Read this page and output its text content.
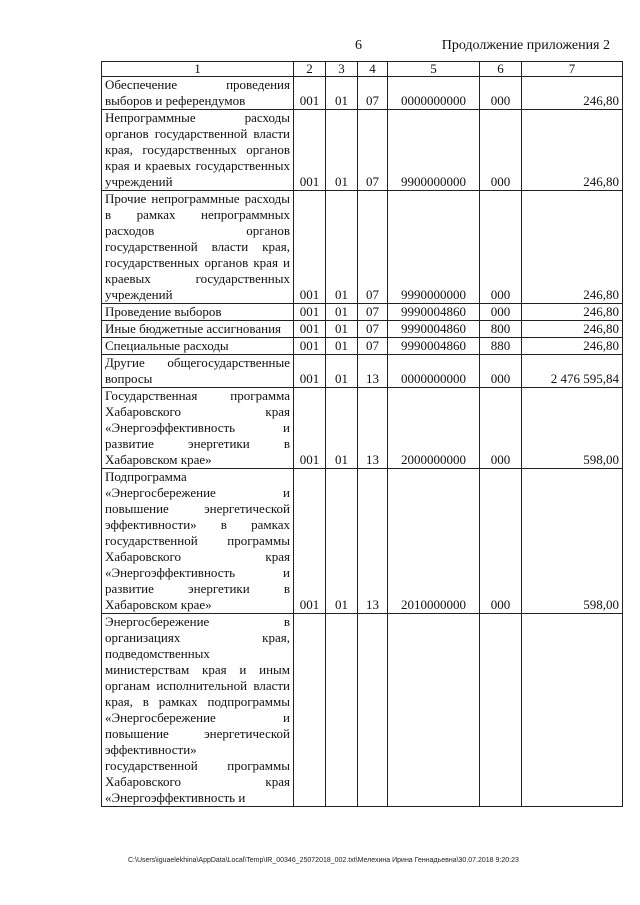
6	Продолжение приложения 2
1	2	3	4	5	6	7
Обеспечение проведения выборов и референдумов	001	01	07	0000000000	000	246,80
Непрограммные расходы органов государственной власти края, государственных органов края и краевых государственных учреждений	001	01	07	9900000000	000	246,80
Прочие непрограммные расходы в рамках непрограммных расходов органов государственной власти края, государственных органов края и краевых государственных учреждений	001	01	07	9990000000	000	246,80
Проведение выборов	001	01	07	9990004860	000	246,80
Иные бюджетные ассигнования	001	01	07	9990004860	800	246,80
Специальные расходы	001	01	07	9990004860	880	246,80
Другие общегосударственные вопросы	001	01	13	0000000000	000	2 476 595,84
Государственная программа Хабаровского края «Энергоэффективность и развитие энергетики в Хабаровском крае»	001	01	13	2000000000	000	598,00
Подпрограмма «Энергосбережение и повышение энергетической эффективности» в рамках государственной программы Хабаровского края «Энергоэффективность и развитие энергетики в Хабаровском крае»	001	01	13	2010000000	000	598,00
Энергосбережение в организациях края, подведомственных министерствам края и иным органам исполнительной власти края, в рамках подпрограммы «Энергосбережение и повышение энергетической эффективности» государственной программы Хабаровского края «Энергоэффективность и						
C:\Users\iguaelekhina\AppData\Local\Temp\IR_00346_25072018_002.txt\Мелехина Ирина Геннадьевна\30.07.2018 9:20:23
